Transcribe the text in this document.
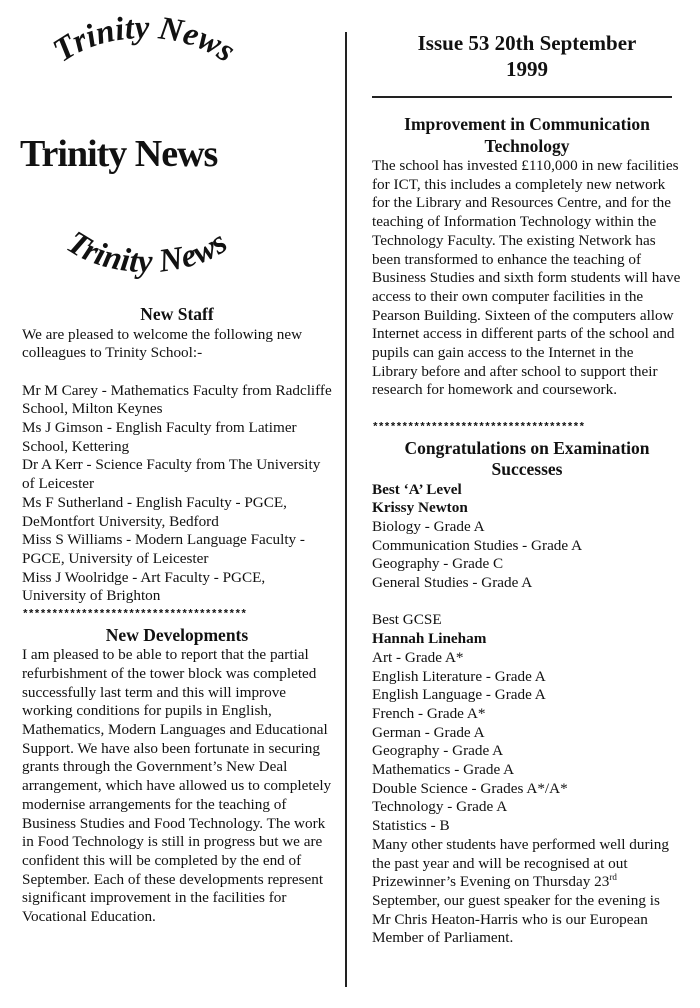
Trinity News
Trinity News
Trinity News
New Staff

We are pleased to welcome the following new colleagues to Trinity School:-

Mr M Carey - Mathematics Faculty from Radcliffe School, Milton Keynes

Ms J Gimson - English Faculty from Latimer School, Kettering

Dr A Kerr - Science Faculty from The University of Leicester

Ms F Sutherland - English Faculty - PGCE, DeMontfort University, Bedford

Miss S Williams - Modern Language Faculty - PGCE, University of Leicester

Miss J Woolridge - Art Faculty - PGCE, University of Brighton

**************************************
New Developments

I am pleased to be able to report that the partial refurbishment of the tower block was completed successfully last term and this will improve working conditions for pupils in English, Mathematics, Modern Languages and Educational Support. We have also been fortunate in securing grants through the Government’s New Deal arrangement, which have allowed us to completely modernise arrangements for the teaching of Business Studies and Food Technology. The work in Food Technology is still in progress but we are confident this will be completed by the end of September. Each of these developments represent significant improvement in the facilities for Vocational Education.

Issue 53 20th September
1999
Improvement in Communication Technology

The school has invested £110,000 in new facilities for ICT, this includes a completely new network for the Library and Resources Centre, and for the teaching of Information Technology within the Technology Faculty. The existing Network has been transformed to enhance the teaching of Business Studies and sixth form students will have access to their own computer facilities in the Pearson Building. Sixteen of the computers allow Internet access in different parts of the school and pupils can gain access to the Internet in the Library before and after school to support their research for homework and coursework.

************************************
Congratulations on Examination Successes

Best ‘A’ Level

Krissy Newton

Biology - Grade A

Communication Studies - Grade A

Geography - Grade C

General Studies - Grade A

Best GCSE

Hannah Lineham

Art - Grade A*

English Literature - Grade A

English Language - Grade A

French - Grade A*

German - Grade A

Geography - Grade A

Mathematics - Grade A

Double Science - Grades A*/A*

Technology - Grade A

Statistics - B

Many other students have performed well during the past year and will be recognised at out Prizewinner’s Evening on Thursday 23rd September, our guest speaker for the evening is Mr Chris Heaton-Harris who is our European Member of Parliament.
